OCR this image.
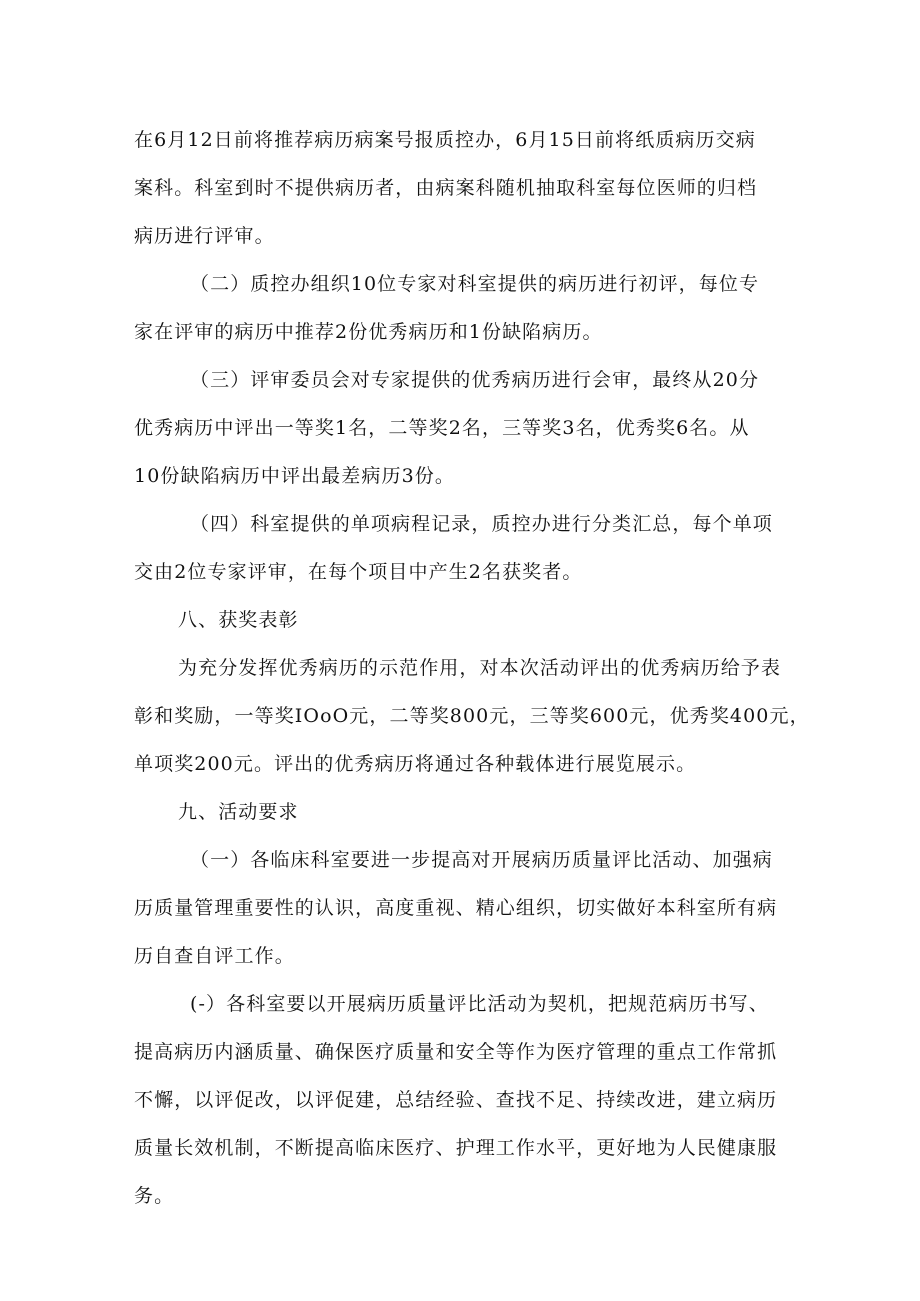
在6月12日前将推荐病历病案号报质控办，6月15日前将纸质病历交病
案科。科室到时不提供病历者，由病案科随机抽取科室每位医师的归档
病历进行评审。
（二）质控办组织10位专家对科室提供的病历进行初评，每位专
家在评审的病历中推荐2份优秀病历和1份缺陷病历。
（三）评审委员会对专家提供的优秀病历进行会审，最终从20分
优秀病历中评出一等奖1名，二等奖2名，三等奖3名，优秀奖6名。从
10份缺陷病历中评出最差病历3份。
（四）科室提供的单项病程记录，质控办进行分类汇总，每个单项
交由2位专家评审，在每个项目中产生2名获奖者。
八、获奖表彰
为充分发挥优秀病历的示范作用，对本次活动评出的优秀病历给予表
彰和奖励，一等奖IOoO元，二等奖800元，三等奖600元，优秀奖400元，
单项奖200元。评出的优秀病历将通过各种载体进行展览展示。
九、活动要求
（一）各临床科室要进一步提高对开展病历质量评比活动、加强病
历质量管理重要性的认识，高度重视、精心组织，切实做好本科室所有病
历自查自评工作。
(-）各科室要以开展病历质量评比活动为契机，把规范病历书写、
提高病历内涵质量、确保医疗质量和安全等作为医疗管理的重点工作常抓
不懈，以评促改，以评促建，总结经验、查找不足、持续改进，建立病历
质量长效机制，不断提高临床医疗、护理工作水平，更好地为人民健康服
务。
